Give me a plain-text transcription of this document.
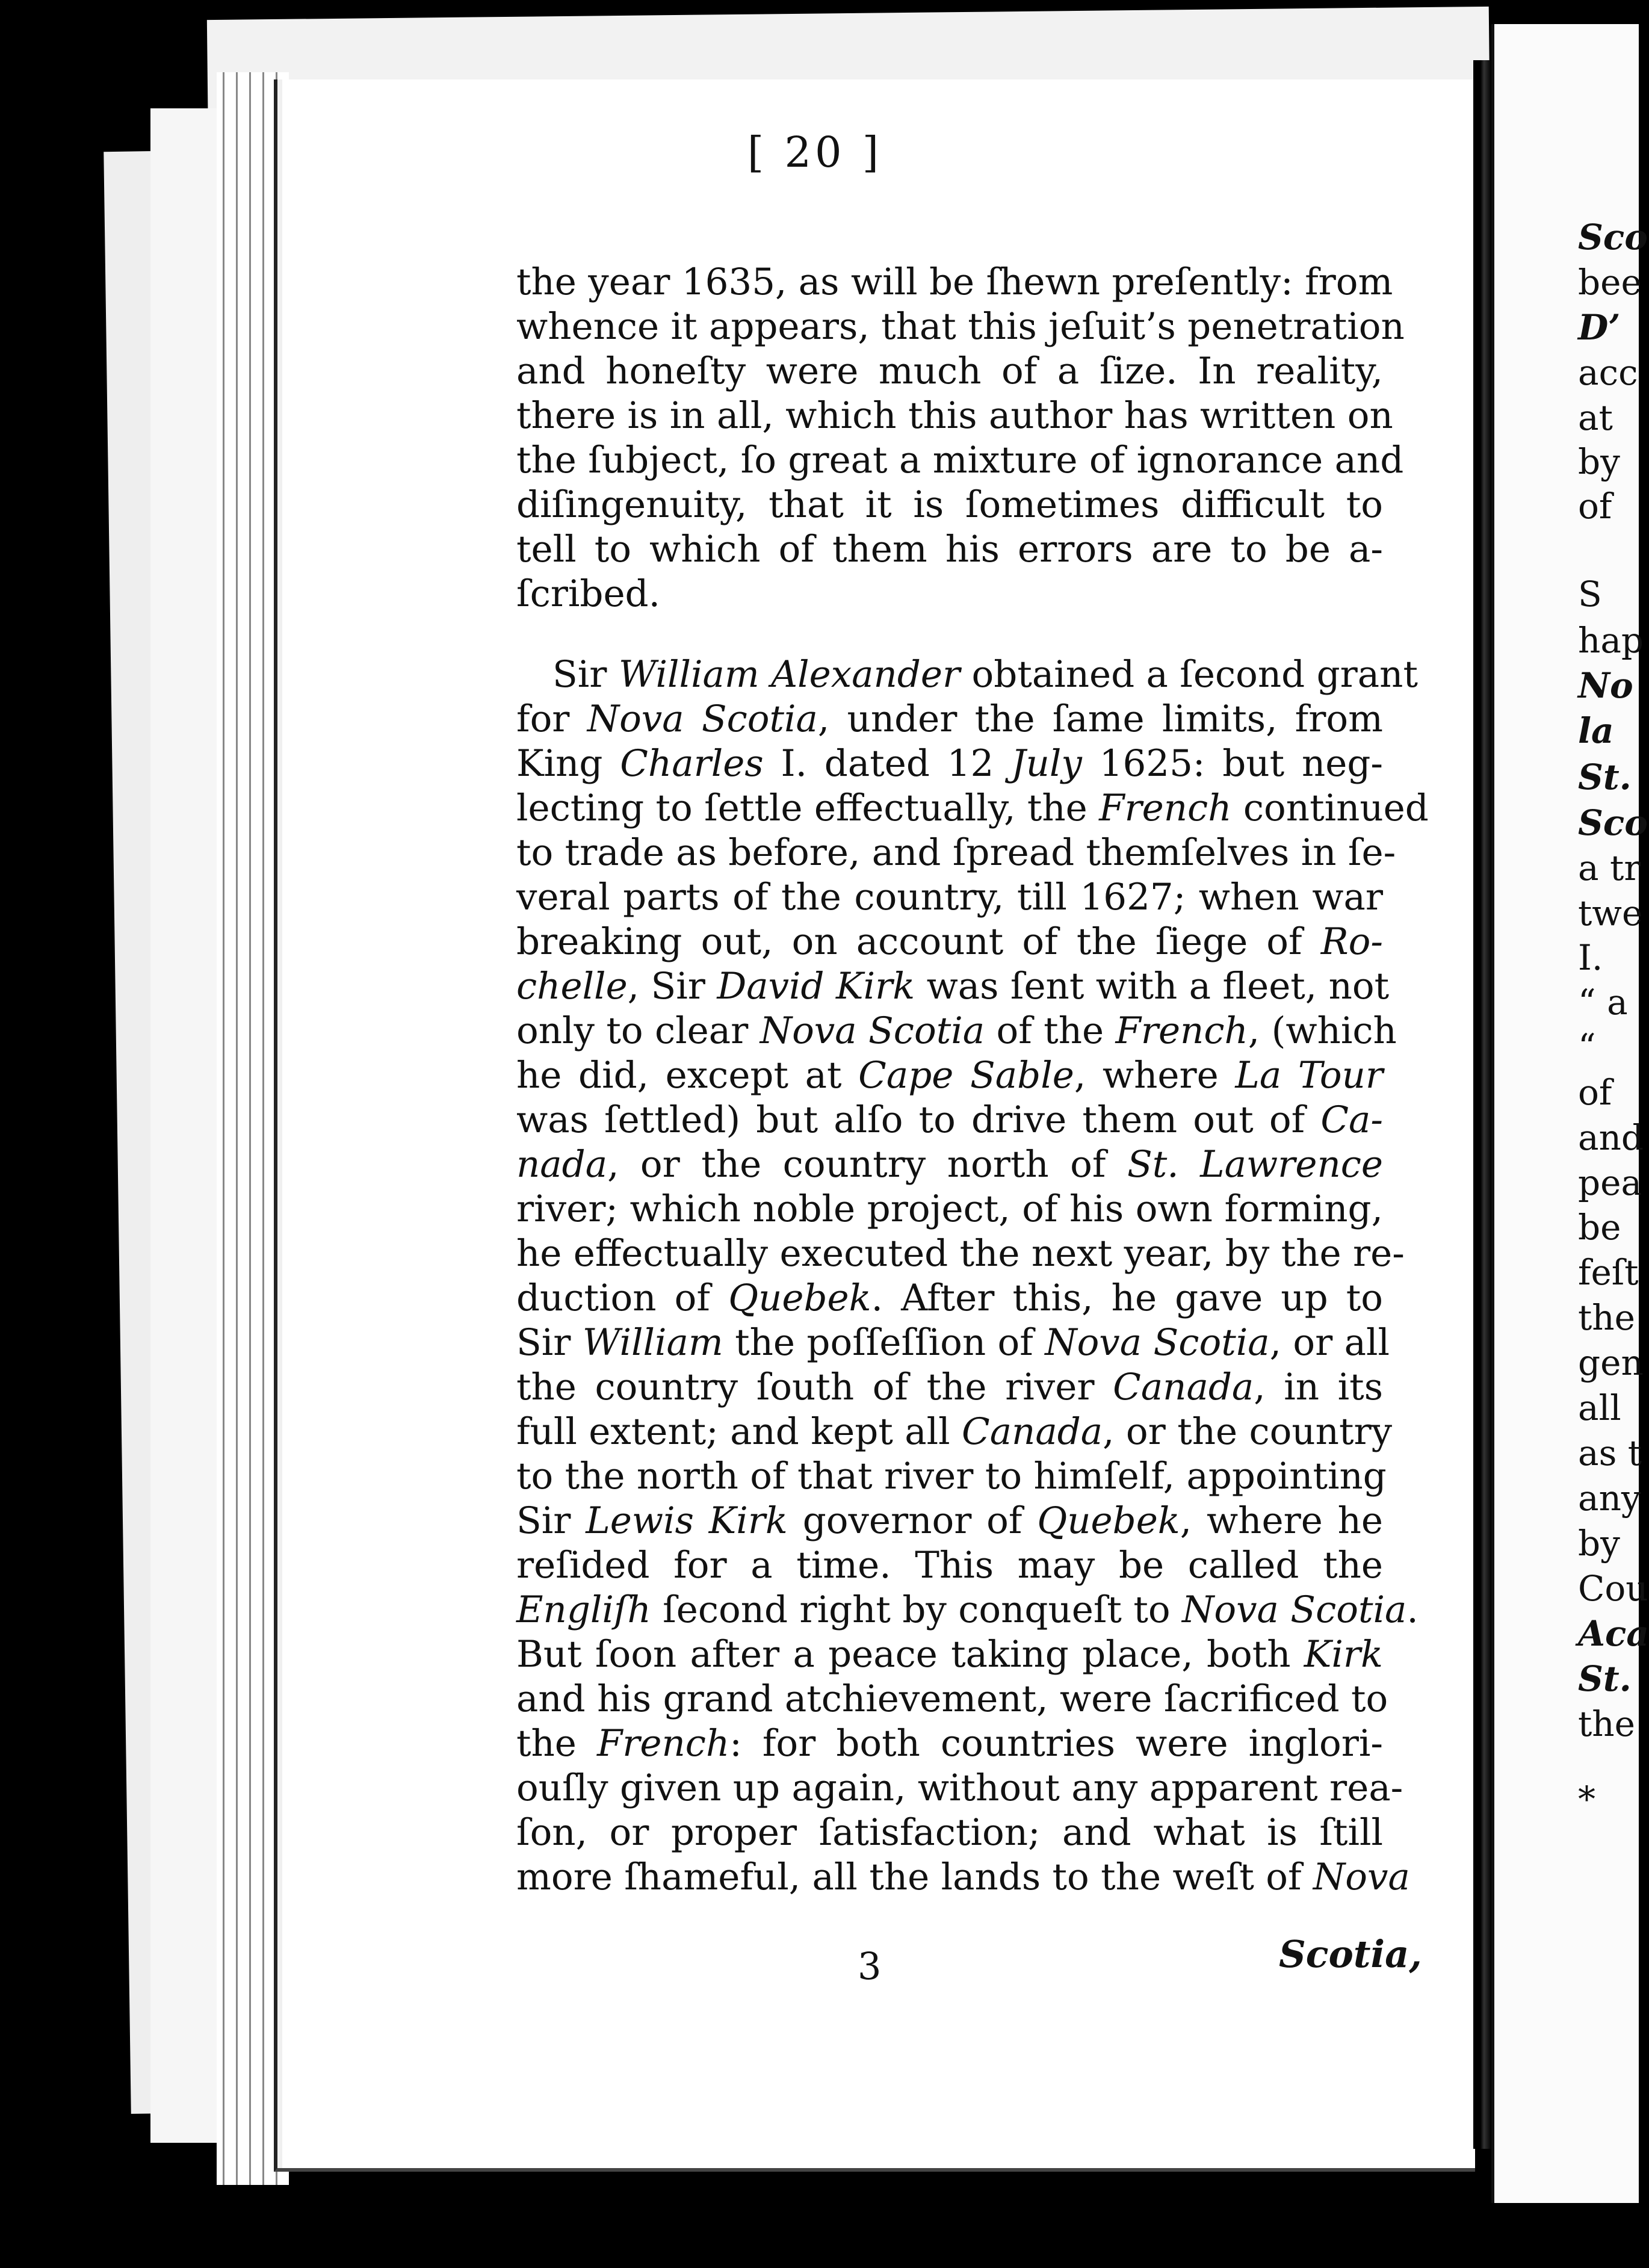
Sco
bee
D’
acc
at
by
of
S
hap
No
la
St.
Sco
a tr
twe
I.
“ a
“
of
and
pea
be
feſt
the
gen
all
as t
any
by
Cou
Aca
St.
the
*
[ 20 ]
the year 1635, as will be ſhewn preſently: from
whence it appears, that this jeſuit’s penetration
and honeſty were much of a ſize. In reality,
there is in all, which this author has written on
the ſubject, ſo great a mixture of ignorance and
diſingenuity, that it is ſometimes difficult to
tell to which of them his errors are to be a-
ſcribed.
Sir William Alexander obtained a ſecond grant
for Nova Scotia, under the ſame limits, from
King Charles I. dated 12 July 1625: but neg-
lecting to ſettle effectually, the French continued
to trade as before, and ſpread themſelves in ſe-
veral parts of the country, till 1627; when war
breaking out, on account of the ſiege of Ro-
chelle, Sir David Kirk was ſent with a fleet, not
only to clear Nova Scotia of the French, (which
he did, except at Cape Sable, where La Tour
was ſettled) but alſo to drive them out of Ca-
nada, or the country north of St. Lawrence
river; which noble project, of his own forming,
he effectually executed the next year, by the re-
duction of Quebek. After this, he gave up to
Sir William the poſſeſſion of Nova Scotia, or all
the country ſouth of the river Canada, in its
full extent; and kept all Canada, or the country
to the north of that river to himſelf, appointing
Sir Lewis Kirk governor of Quebek, where he
reſided for a time. This may be called the
Engliſh ſecond right by conqueſt to Nova Scotia
But ſoon after a peace taking place, both Kirk
and his grand atchievement, were ſacrificed to
the French: for both countries were inglori-
ouſly given up again, without any apparent rea-
ſon, or proper ſatisfaction; and what is ſtill
more ſhameful, all the lands to the weſt of Nova
3	Scotia,
